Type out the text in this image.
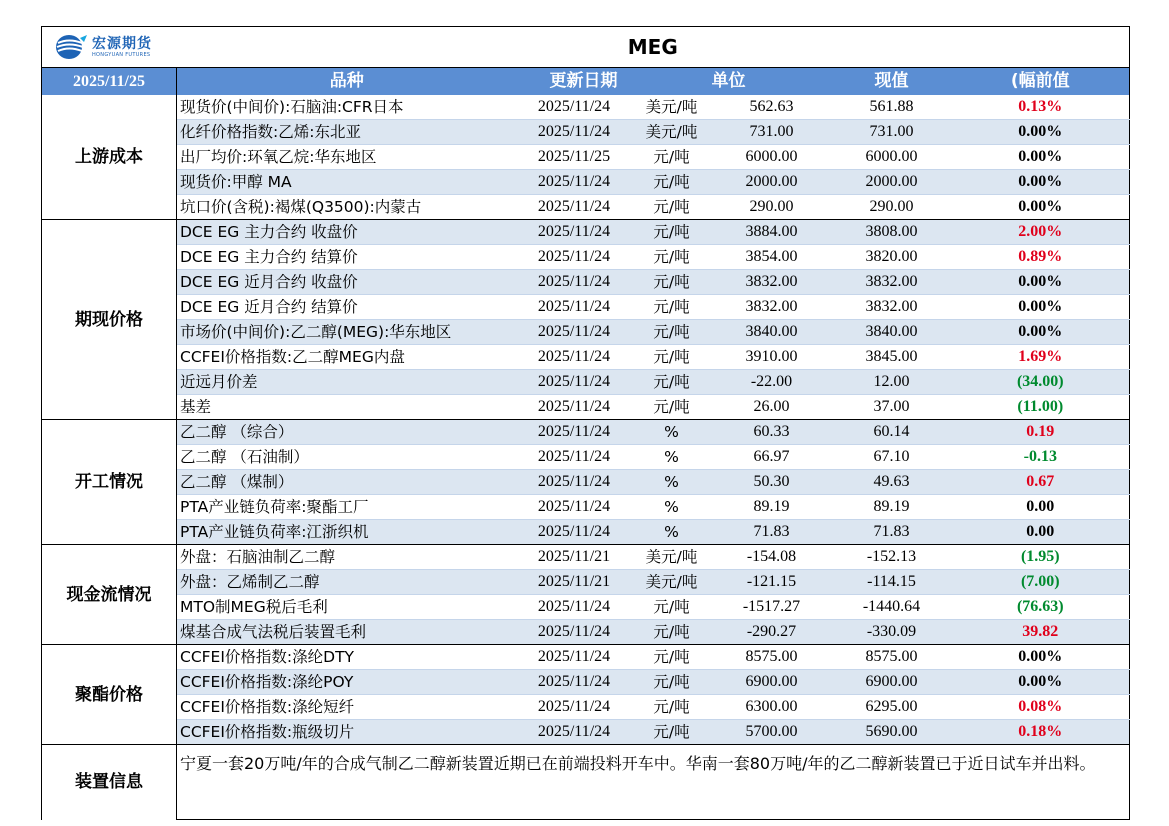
宏源期货
HONGYUAN FUTURES	MEG					
2025/11/25	品种	更新日期		单位	现值	(幅前值
上游成本	现货价(中间价):石脑油:CFR日本	2025/11/24	美元/吨	562.63	561.88	0.13%
	化纤价格指数:乙烯:东北亚	2025/11/24	美元/吨	731.00	731.00	0.00%
	出厂均价:环氧乙烷:华东地区	2025/11/25	元/吨	6000.00	6000.00	0.00%
	现货价:甲醇 MA	2025/11/24	元/吨	2000.00	2000.00	0.00%
	坑口价(含税):褐煤(Q3500):内蒙古	2025/11/24	元/吨	290.00	290.00	0.00%
期现价格	DCE EG 主力合约 收盘价	2025/11/24	元/吨	3884.00	3808.00	2.00%
	DCE EG 主力合约 结算价	2025/11/24	元/吨	3854.00	3820.00	0.89%
	DCE EG 近月合约 收盘价	2025/11/24	元/吨	3832.00	3832.00	0.00%
	DCE EG 近月合约 结算价	2025/11/24	元/吨	3832.00	3832.00	0.00%
	市场价(中间价):乙二醇(MEG):华东地区	2025/11/24	元/吨	3840.00	3840.00	0.00%
	CCFEI价格指数:乙二醇MEG内盘	2025/11/24	元/吨	3910.00	3845.00	1.69%
	近远月价差	2025/11/24	元/吨	-22.00	12.00	(34.00)
	基差	2025/11/24	元/吨	26.00	37.00	(11.00)
开工情况	乙二醇 （综合）	2025/11/24	%	60.33	60.14	0.19
	乙二醇 （石油制）	2025/11/24	%	66.97	67.10	-0.13
	乙二醇 （煤制）	2025/11/24	%	50.30	49.63	0.67
	PTA产业链负荷率:聚酯工厂	2025/11/24	%	89.19	89.19	0.00
	PTA产业链负荷率:江浙织机	2025/11/24	%	71.83	71.83	0.00
现金流情况	外盘：石脑油制乙二醇	2025/11/21	美元/吨	-154.08	-152.13	(1.95)
	外盘：乙烯制乙二醇	2025/11/21	美元/吨	-121.15	-114.15	(7.00)
	MTO制MEG税后毛利	2025/11/24	元/吨	-1517.27	-1440.64	(76.63)
	煤基合成气法税后装置毛利	2025/11/24	元/吨	-290.27	-330.09	39.82
聚酯价格	CCFEI价格指数:涤纶DTY	2025/11/24	元/吨	8575.00	8575.00	0.00%
	CCFEI价格指数:涤纶POY	2025/11/24	元/吨	6900.00	6900.00	0.00%
	CCFEI价格指数:涤纶短纤	2025/11/24	元/吨	6300.00	6295.00	0.08%
	CCFEI价格指数:瓶级切片	2025/11/24	元/吨	5700.00	5690.00	0.18%
装置信息	宁夏一套20万吨/年的合成气制乙二醇新装置近期已在前端投料开车中。华南一套80万吨/年的乙二醇新装置已于近日试车并出料。					
